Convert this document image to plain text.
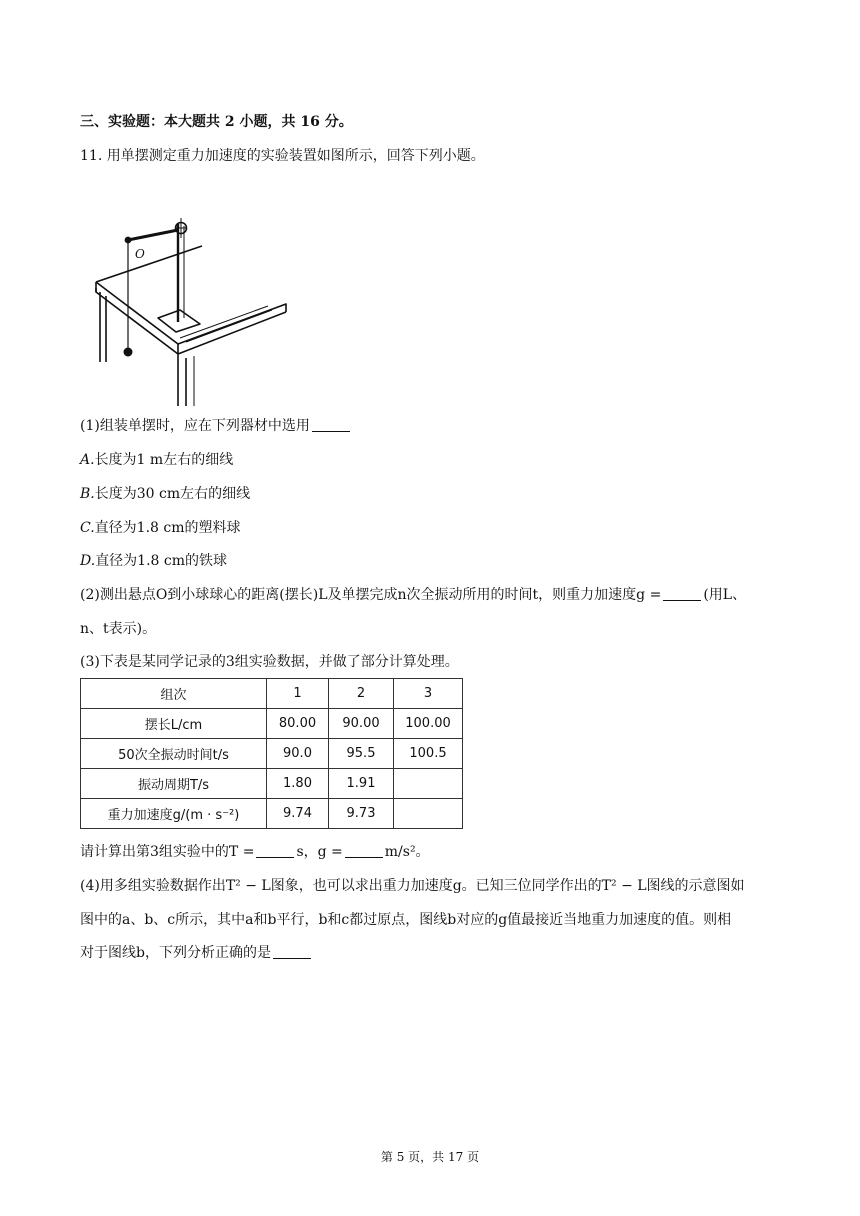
三、实验题：本大题共 2 小题，共 16 分。
11. 用单摆测定重力加速度的实验装置如图所示，回答下列小题。
O
(1)组装单摆时，应在下列器材中选用
A.长度为1 m左右的细线
B.长度为30 cm左右的细线
C.直径为1.8 cm的塑料球
D.直径为1.8 cm的铁球
(2)测出悬点O到小球球心的距离(摆长)L及单摆完成n次全振动所用的时间t，则重力加速度g =	(用L、
n、t表示)。
(3)下表是某同学记录的3组实验数据，并做了部分计算处理。
组次	1	2	3
摆长L/cm	80.00	90.00	100.00
50次全振动时间t/s	90.0	95.5	100.5
振动周期T/s	1.80	1.91	
重力加速度g/(m · s⁻²)	9.74	9.73	
请计算出第3组实验中的T =	s，g =	m/s²。
(4)用多组实验数据作出T² − L图象，也可以求出重力加速度g。已知三位同学作出的T² − L图线的示意图如
图中的a、b、c所示，其中a和b平行，b和c都过原点，图线b对应的g值最接近当地重力加速度的值。则相
对于图线b，下列分析正确的是
第 5 页，共 17 页
